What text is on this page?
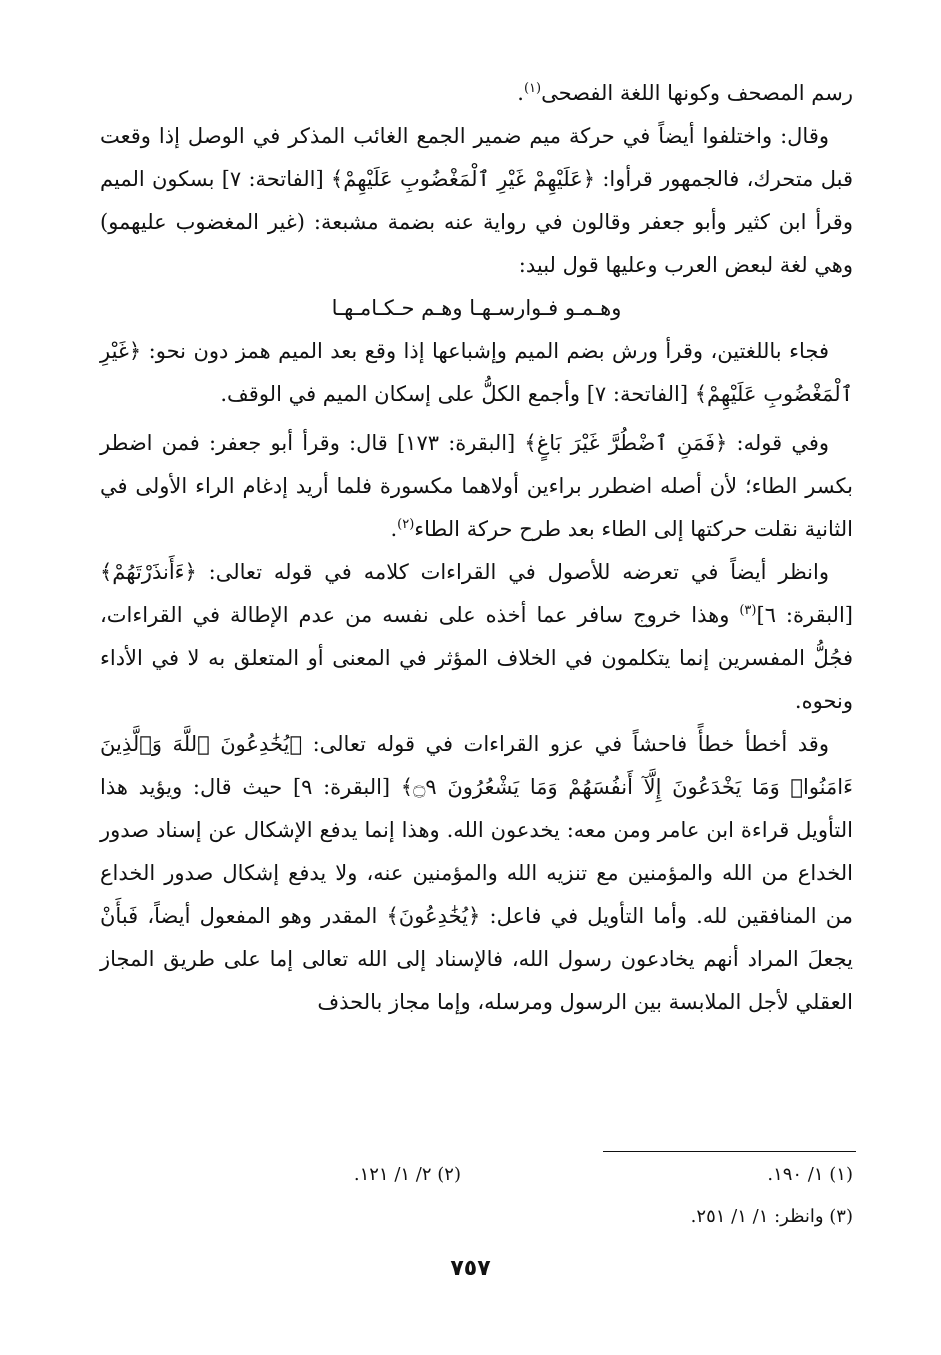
رسم المصحف وكونها اللغة الفصحى$^{(١)}$.

وقال: واختلفوا أيضاً في حركة ميم ضمير الجمع الغائب المذكر في الوصل إذا وقعت قبل متحرك، فالجمهور قرأوا: ﴿عَلَيْهِمْ غَيْرِ ٱلْمَغْضُوبِ عَلَيْهِمْ﴾ [الفاتحة: ٧] بسكون الميم وقرأ ابن كثير وأبو جعفر وقالون في رواية عنه بضمة مشبعة: (غير المغضوب عليهمو) وهي لغة لبعض العرب وعليها قول لبيد:

وهـمـو فـوارسـهـا وهـم حـكـامـهـا

فجاء باللغتين، وقرأ ورش بضم الميم وإشباعها إذا وقع بعد الميم همز دون نحو: ﴿غَيْرِ ٱلْمَغْضُوبِ عَلَيْهِمْ﴾ [الفاتحة: ٧] وأجمع الكلُّ على إسكان الميم في الوقف.

وفي قوله: ﴿فَمَنِ ٱضْطُرَّ غَيْرَ بَاغٍ﴾ [البقرة: ١٧٣] قال: وقرأ أبو جعفر: فمن اضطر بكسر الطاء؛ لأن أصله اضطرر براءين أولاهما مكسورة فلما أريد إدغام الراء الأولى في الثانية نقلت حركتها إلى الطاء بعد طرح حركة الطاء$^{(٢)}$.

وانظر أيضاً في تعرضه للأصول في القراءات كلامه في قوله تعالى: ﴿ءَأَنذَرْتَهُمْ﴾ [البقرة: ٦]$^{(٣)}$ وهذا خروج سافر عما أخذه على نفسه من عدم الإطالة في القراءات، فجُلُّ المفسرين إنما يتكلمون في الخلاف المؤثر في المعنى أو المتعلق به لا في الأداء ونحوه.

وقد أخطأ خطأً فاحشاً في عزو القراءات في قوله تعالى: ﴿يُخَٰدِعُونَ ٱللَّهَ وَٱلَّذِينَ ءَامَنُوا۟ وَمَا يَخْدَعُونَ إِلَّآ أَنفُسَهُمْ وَمَا يَشْعُرُونَ ۝٩﴾ [البقرة: ٩] حيث قال: ويؤيد هذا التأويل قراءة ابن عامر ومن معه: يخدعون الله. وهذا إنما يدفع الإشكال عن إسناد صدور الخداع من الله والمؤمنين مع تنزيه الله والمؤمنين عنه، ولا يدفع إشكال صدور الخداع من المنافقين لله. وأما التأويل في فاعل: ﴿يُخَٰدِعُونَ﴾ المقدر وهو المفعول أيضاً، فَبأَنْ يجعلَ المراد أنهم يخادعون رسول الله، فالإسناد إلى الله تعالى إما على طريق المجاز العقلي لأجل الملابسة بين الرسول ومرسله، وإما مجاز بالحذف

(١) ١/ ١٩٠.
(٢) ٢/ ١/ ١٢١.
(٣) وانظر: ١/ ١/ ٢٥١.
٧٥٧
